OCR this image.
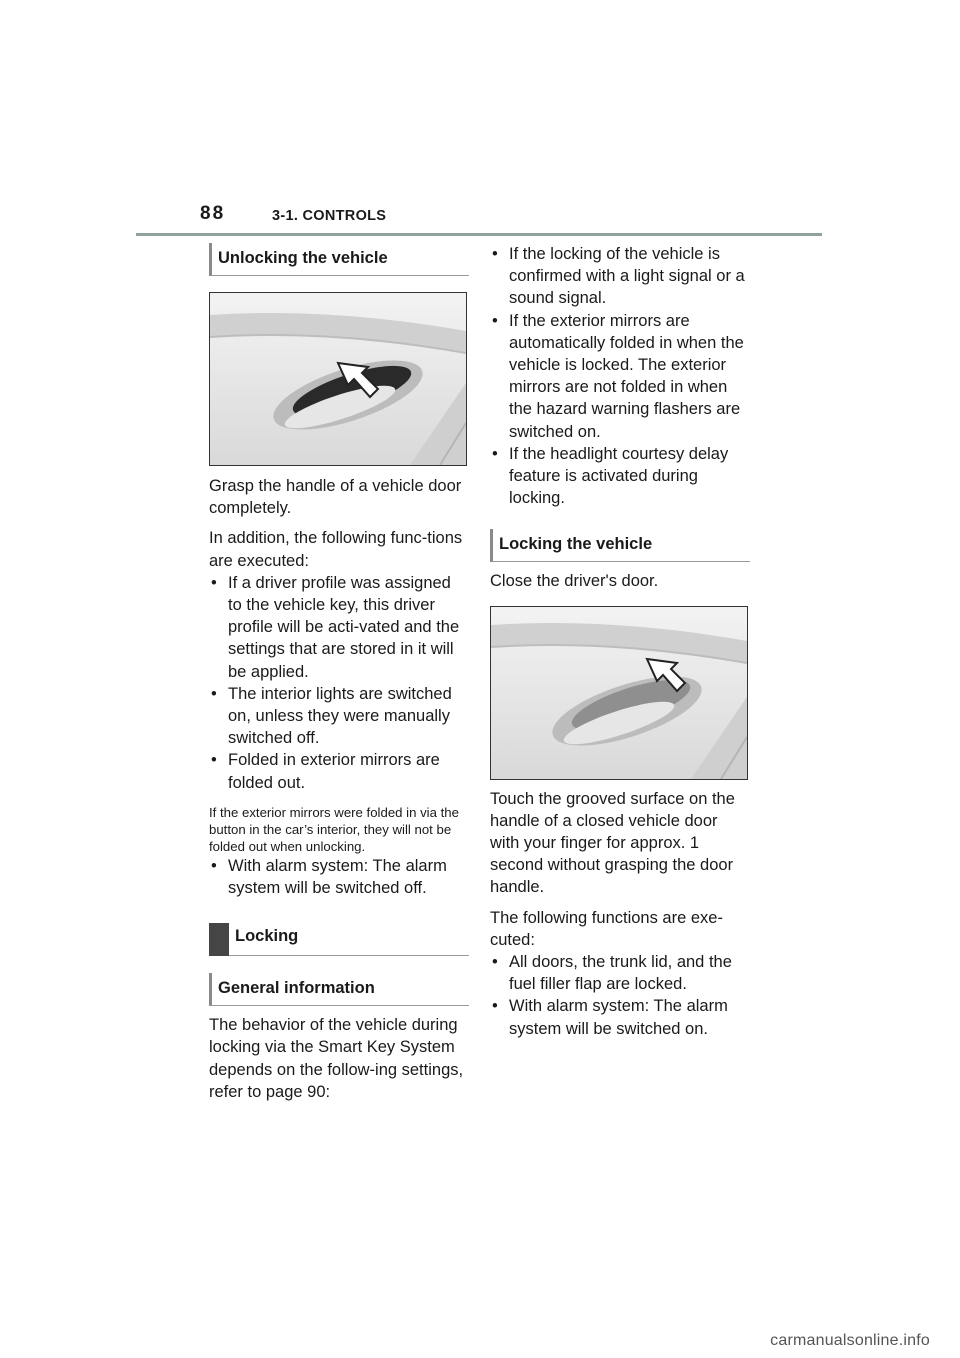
88	3-1. CONTROLS
Unlocking the vehicle

Grasp the handle of a vehicle door completely.

In addition, the following func-tions are executed:

• If a driver profile was assigned to the vehicle key, this driver profile will be acti-vated and the settings that are stored in it will be applied.
• The interior lights are switched on, unless they were manually switched off.
• Folded in exterior mirrors are folded out.

If the exterior mirrors were folded in via the button in the car’s interior, they will not be folded out when unlocking.

• With alarm system: The alarm system will be switched off.
Locking
General information

The behavior of the vehicle during locking via the Smart Key System depends on the follow-ing settings, refer to page 90:

• If the locking of the vehicle is confirmed with a light signal or a sound signal.
• If the exterior mirrors are automatically folded in when the vehicle is locked. The exterior mirrors are not folded in when the hazard warning flashers are switched on.
• If the headlight courtesy delay feature is activated during locking.
Locking the vehicle

Close the driver's door.

Touch the grooved surface on the handle of a closed vehicle door with your finger for approx. 1 second without grasping the door handle.

The following functions are exe-cuted:

• All doors, the trunk lid, and the fuel filler flap are locked.
• With alarm system: The alarm system will be switched on.
carmanualsonline.info
